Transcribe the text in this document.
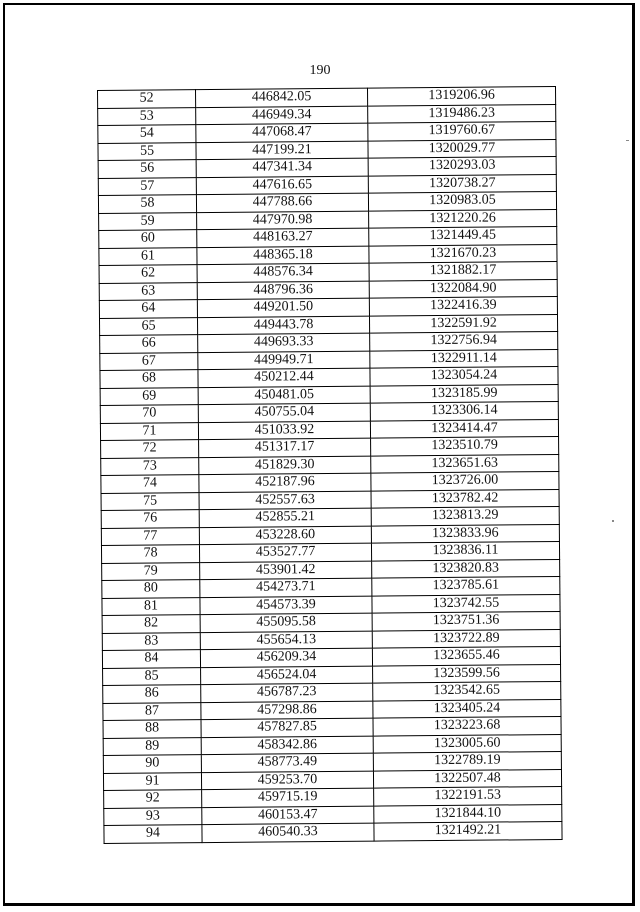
190
52	446842.05	1319206.96
53	446949.34	1319486.23
54	447068.47	1319760.67
55	447199.21	1320029.77
56	447341.34	1320293.03
57	447616.65	1320738.27
58	447788.66	1320983.05
59	447970.98	1321220.26
60	448163.27	1321449.45
61	448365.18	1321670.23
62	448576.34	1321882.17
63	448796.36	1322084.90
64	449201.50	1322416.39
65	449443.78	1322591.92
66	449693.33	1322756.94
67	449949.71	1322911.14
68	450212.44	1323054.24
69	450481.05	1323185.99
70	450755.04	1323306.14
71	451033.92	1323414.47
72	451317.17	1323510.79
73	451829.30	1323651.63
74	452187.96	1323726.00
75	452557.63	1323782.42
76	452855.21	1323813.29
77	453228.60	1323833.96
78	453527.77	1323836.11
79	453901.42	1323820.83
80	454273.71	1323785.61
81	454573.39	1323742.55
82	455095.58	1323751.36
83	455654.13	1323722.89
84	456209.34	1323655.46
85	456524.04	1323599.56
86	456787.23	1323542.65
87	457298.86	1323405.24
88	457827.85	1323223.68
89	458342.86	1323005.60
90	458773.49	1322789.19
91	459253.70	1322507.48
92	459715.19	1322191.53
93	460153.47	1321844.10
94	460540.33	1321492.21
